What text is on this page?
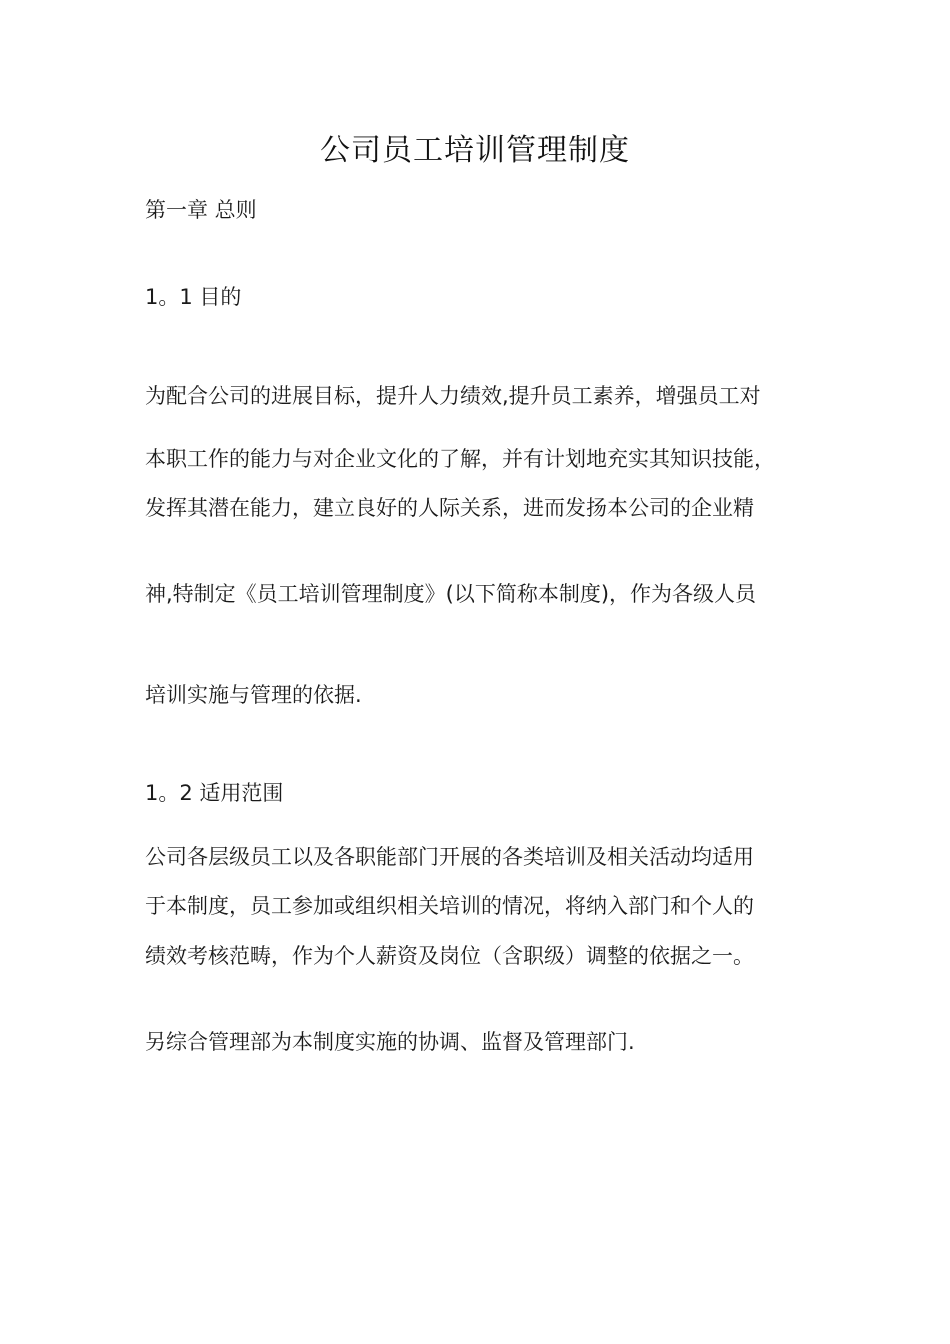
公司员工培训管理制度
第一章 总则
1。1 目的
为配合公司的进展目标，提升人力绩效,提升员工素养，增强员工对
本职工作的能力与对企业文化的了解，并有计划地充实其知识技能，
发挥其潜在能力，建立良好的人际关系，进而发扬本公司的企业精
神,特制定《员工培训管理制度》(以下简称本制度)，作为各级人员
培训实施与管理的依据.
1。2 适用范围
公司各层级员工以及各职能部门开展的各类培训及相关活动均适用
于本制度，员工参加或组织相关培训的情况，将纳入部门和个人的
绩效考核范畴，作为个人薪资及岗位（含职级）调整的依据之一。
另综合管理部为本制度实施的协调、监督及管理部门.
